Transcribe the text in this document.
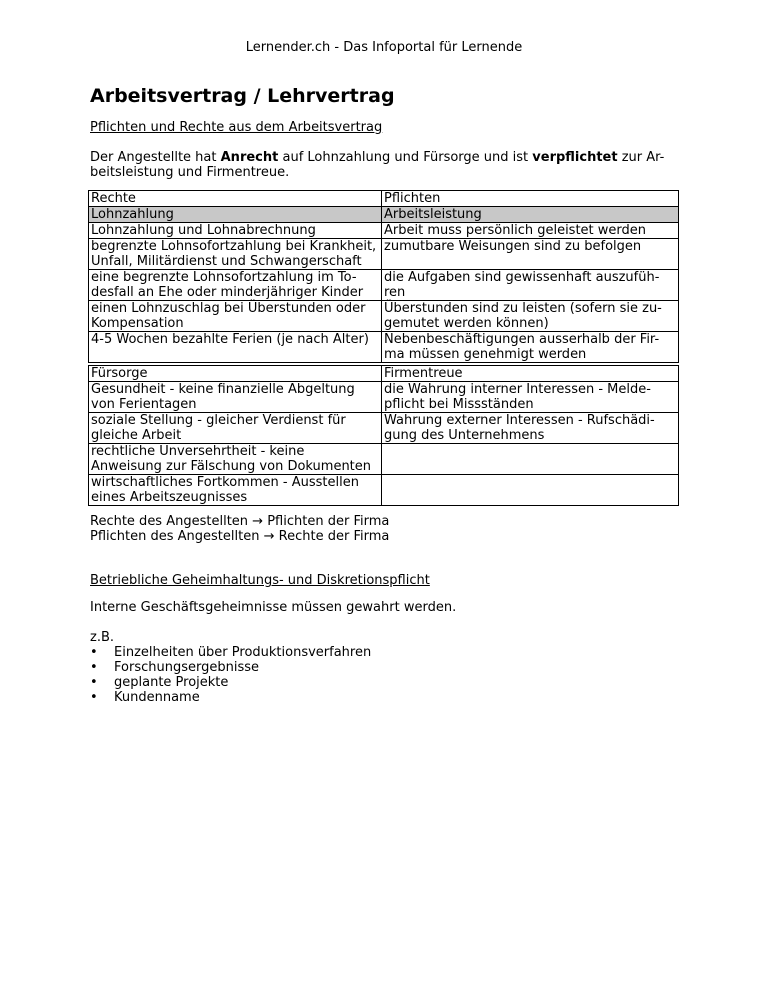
Lernender.ch - Das Infoportal für Lernende
Arbeitsvertrag / Lehrvertrag
Pflichten und Rechte aus dem Arbeitsvertrag
Der Angestellte hat Anrecht auf Lohnzahlung und Fürsorge und ist verpflichtet zur Ar-beitsleistung und Firmentreue.
Rechte	Pflichten
Lohnzahlung	Arbeitsleistung
Lohnzahlung und Lohnabrechnung	Arbeit muss persönlich geleistet werden
begrenzte Lohnsofortzahlung bei Krankheit, Unfall, Militärdienst und Schwangerschaft	zumutbare Weisungen sind zu befolgen
eine begrenzte Lohnsofortzahlung im To-desfall an Ehe oder minderjähriger Kinder	die Aufgaben sind gewissenhaft auszufüh-ren
einen Lohnzuschlag bei Überstunden oder Kompensation	Überstunden sind zu leisten (sofern sie zu-gemutet werden können)
4-5 Wochen bezahlte Ferien (je nach Alter)	Nebenbeschäftigungen ausserhalb der Fir-ma müssen genehmigt werden
Fürsorge	Firmentreue
Gesundheit - keine finanzielle Abgeltung von Ferientagen	die Wahrung interner Interessen - Melde-pflicht bei Missständen
soziale Stellung - gleicher Verdienst für gleiche Arbeit	Wahrung externer Interessen - Rufschädi-gung des Unternehmens
rechtliche Unversehrtheit - keine Anweisung zur Fälschung von Dokumenten	
wirtschaftliches Fortkommen - Ausstellen eines Arbeitszeugnisses	
Rechte des Angestellten → Pflichten der Firma
Pflichten des Angestellten → Rechte der Firma
Betriebliche Geheimhaltungs- und Diskretionspflicht
Interne Geschäftsgeheimnisse müssen gewahrt werden.
z.B.
• Einzelheiten über Produktionsverfahren
• Forschungsergebnisse
• geplante Projekte
• Kundenname
